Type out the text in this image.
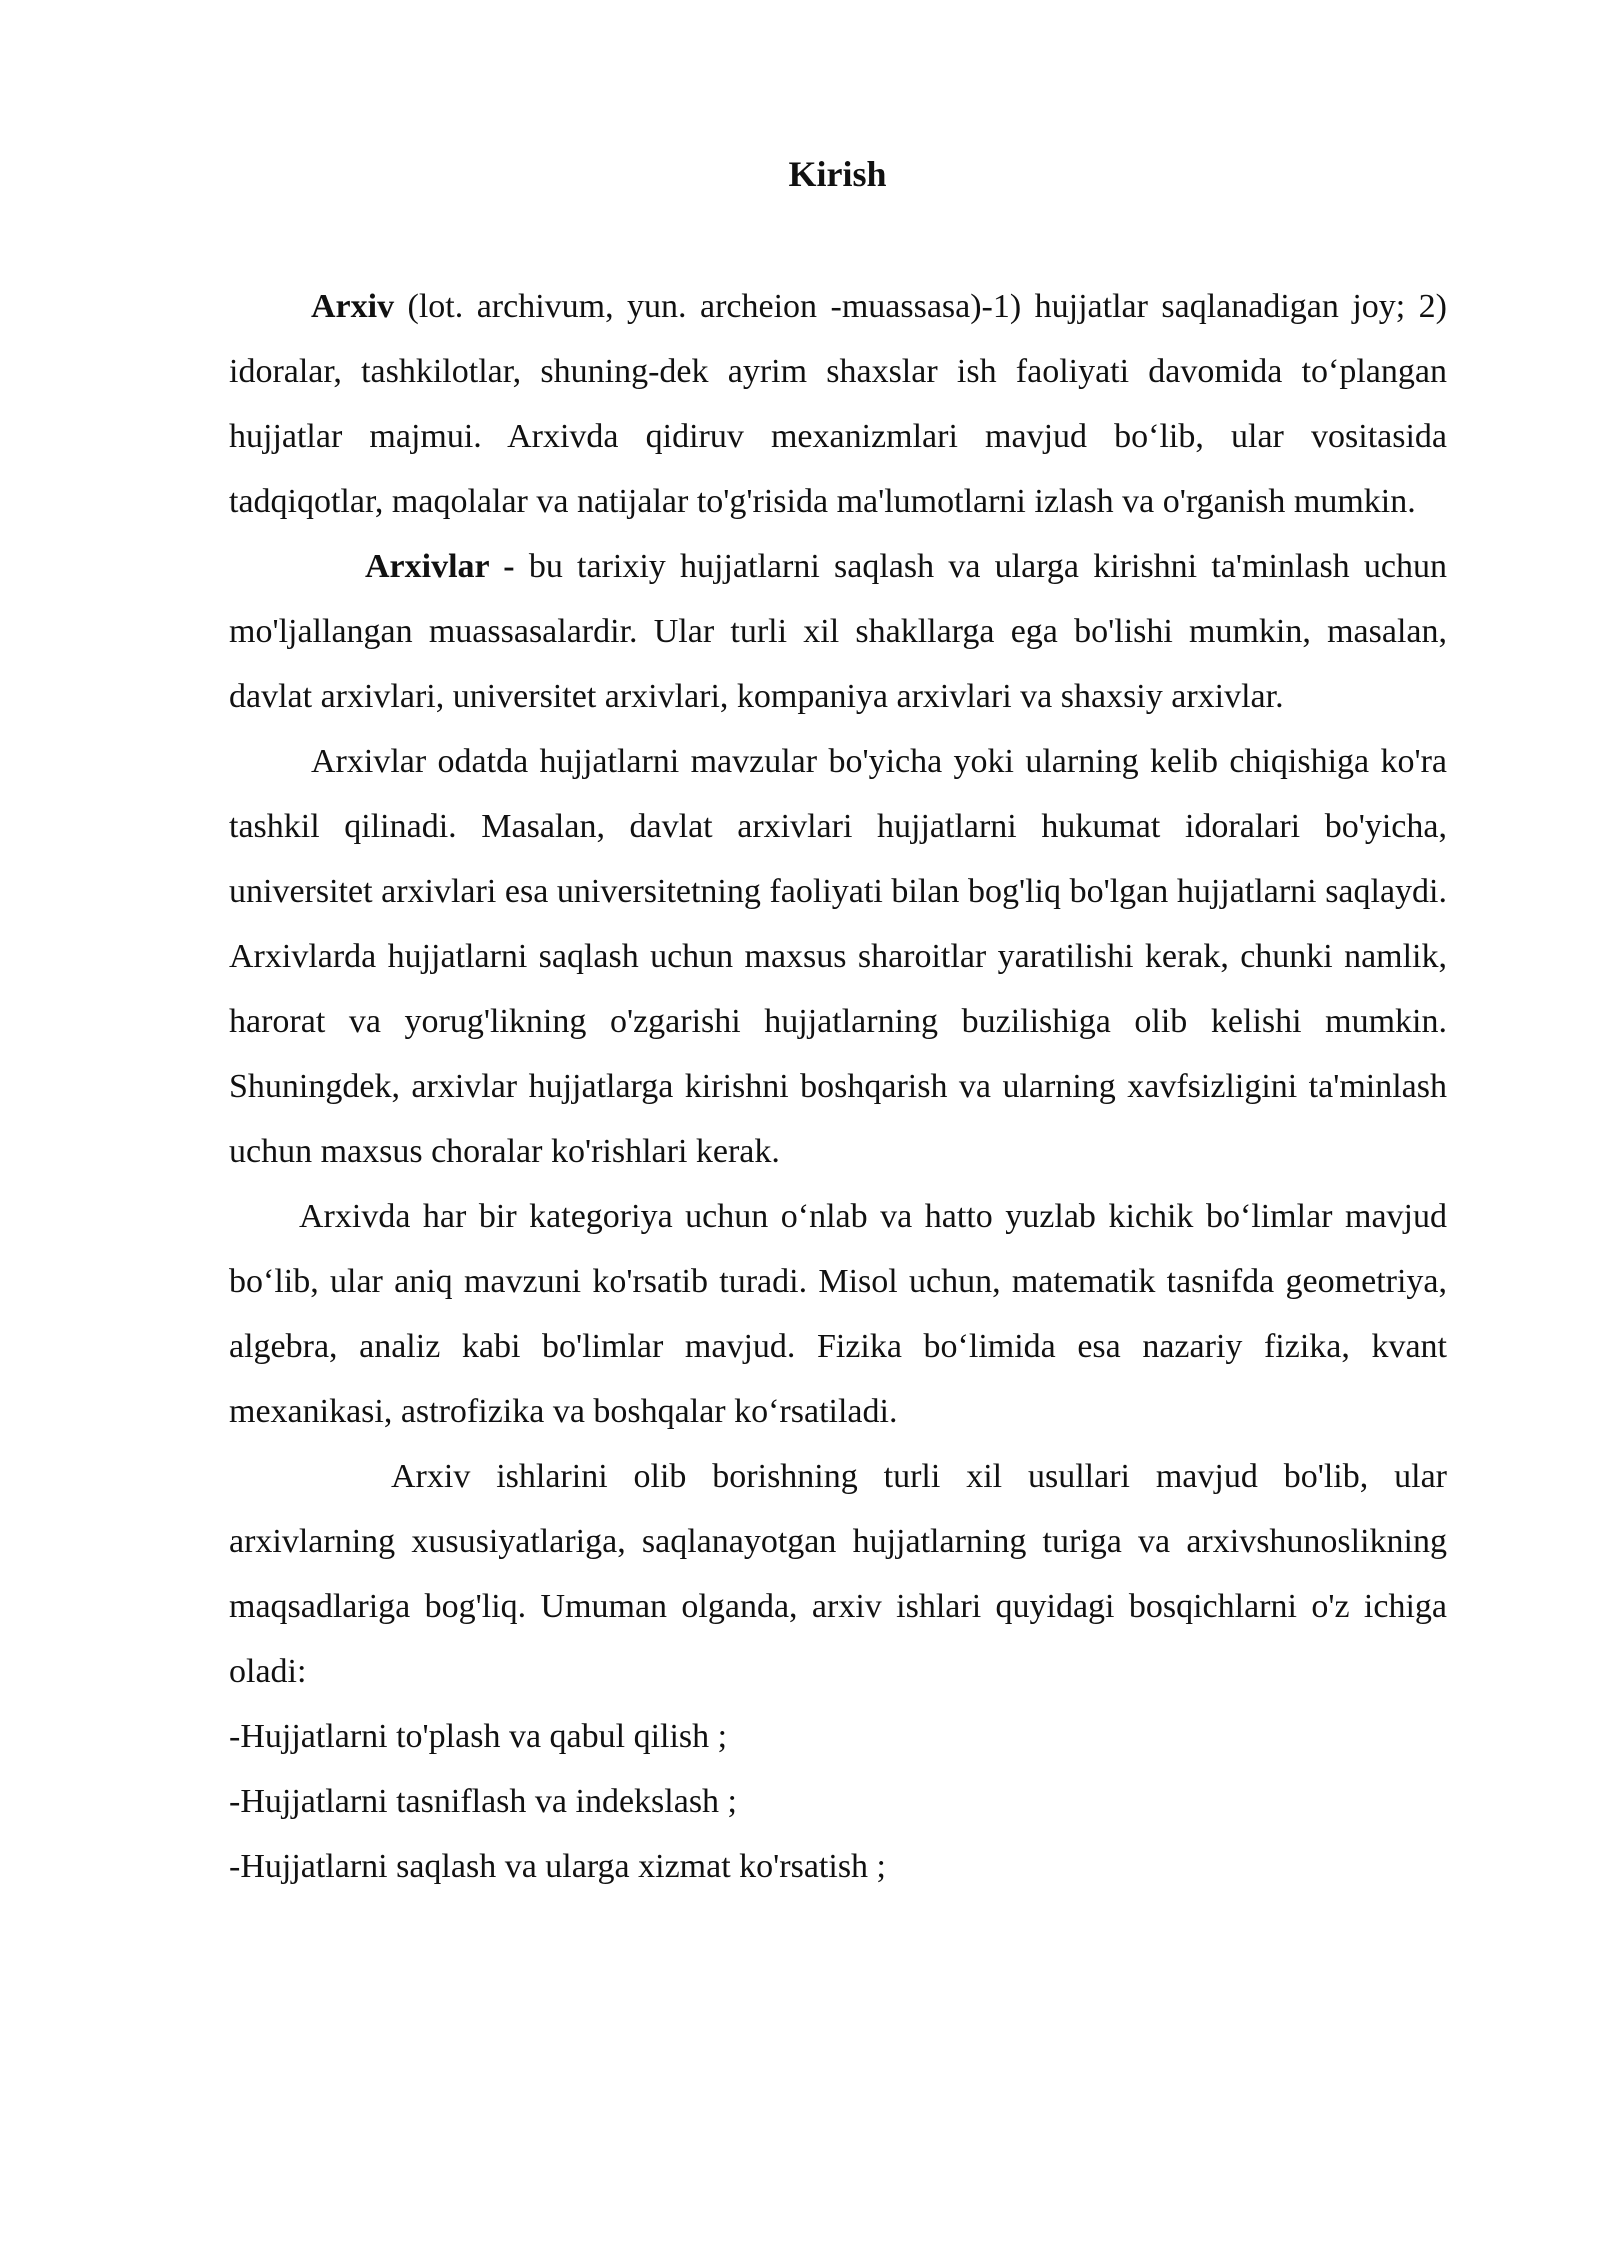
Kirish

Arxiv (lot. archivum, yun. archeion -muassasa)-1) hujjatlar saqlanadigan joy; 2) idoralar, tashkilotlar, shuning-dek ayrim shaxslar ish faoliyati davomida to‘plangan hujjatlar majmui. Arxivda qidiruv mexanizmlari mavjud bo‘lib, ular vositasida tadqiqotlar, maqolalar va natijalar to'g'risida ma'lumotlarni izlash va o'rganish mumkin.

Arxivlar - bu tarixiy hujjatlarni saqlash va ularga kirishni ta'minlash uchun mo'ljallangan muassasalardir. Ular turli xil shakllarga ega bo'lishi mumkin, masalan, davlat arxivlari, universitet arxivlari, kompaniya arxivlari va shaxsiy arxivlar.

Arxivlar odatda hujjatlarni mavzular bo'yicha yoki ularning kelib chiqishiga ko'ra tashkil qilinadi. Masalan, davlat arxivlari hujjatlarni hukumat idoralari bo'yicha, universitet arxivlari esa universitetning faoliyati bilan bog'liq bo'lgan hujjatlarni saqlaydi. Arxivlarda hujjatlarni saqlash uchun maxsus sharoitlar yaratilishi kerak, chunki namlik, harorat va yorug'likning o'zgarishi hujjatlarning buzilishiga olib kelishi mumkin. Shuningdek, arxivlar hujjatlarga kirishni boshqarish va ularning xavfsizligini ta'minlash uchun maxsus choralar ko'rishlari kerak.

Arxivda har bir kategoriya uchun o‘nlab va hatto yuzlab kichik bo‘limlar mavjud bo‘lib, ular aniq mavzuni ko'rsatib turadi. Misol uchun, matematik tasnifda geometriya, algebra, analiz kabi bo'limlar mavjud. Fizika bo‘limida esa nazariy fizika, kvant mexanikasi, astrofizika va boshqalar ko‘rsatiladi.

Arxiv ishlarini olib borishning turli xil usullari mavjud bo'lib, ular arxivlarning xususiyatlariga, saqlanayotgan hujjatlarning turiga va arxivshunoslikning maqsadlariga bog'liq. Umuman olganda, arxiv ishlari quyidagi bosqichlarni o'z ichiga oladi:

-Hujjatlarni to'plash va qabul qilish ;
-Hujjatlarni tasniflash va indekslash ;
-Hujjatlarni saqlash va ularga xizmat ko'rsatish ;
